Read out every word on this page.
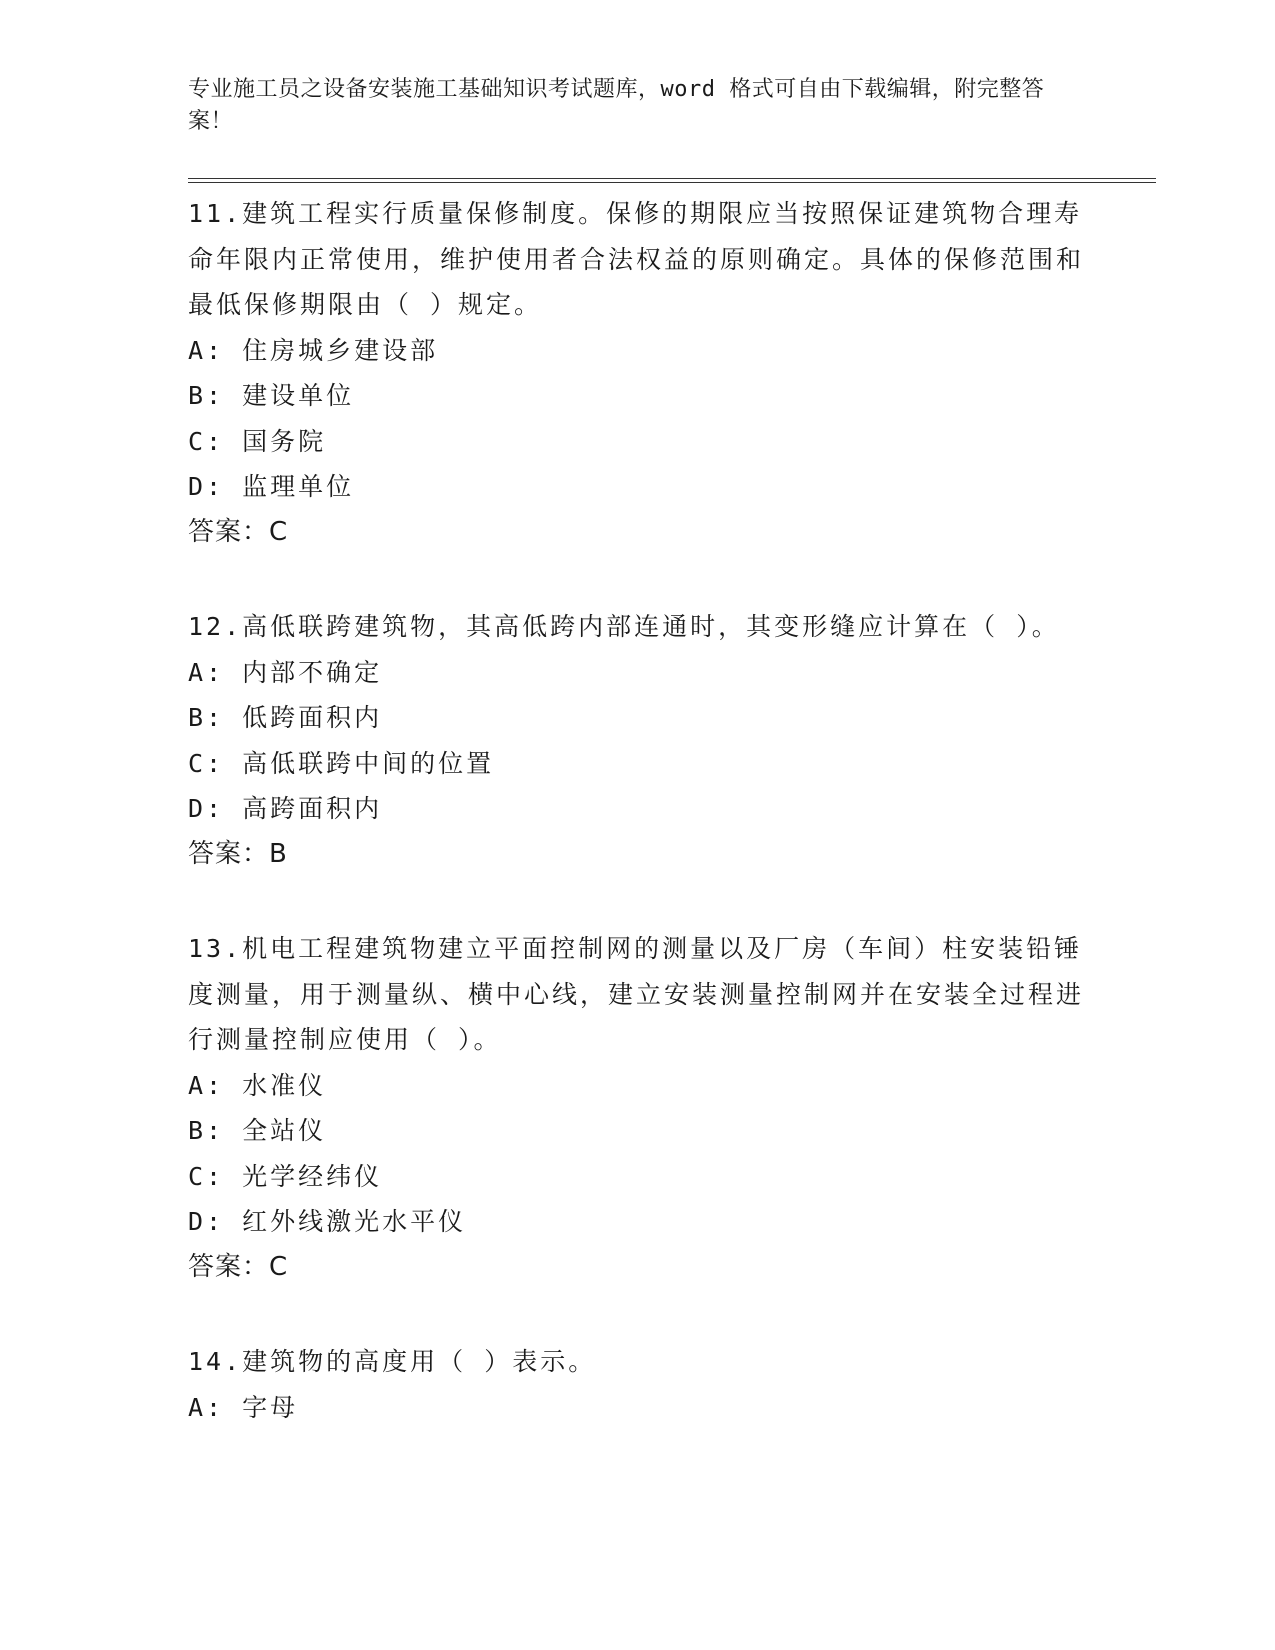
专业施工员之设备安装施工基础知识考试题库，word 格式可自由下载编辑，附完整答案！

11.建筑工程实行质量保修制度。保修的期限应当按照保证建筑物合理寿命年限内正常使用，维护使用者合法权益的原则确定。具体的保修范围和最低保修期限由（ ）规定。

A: 住房城乡建设部

B: 建设单位

C: 国务院

D: 监理单位

答案：C

12.高低联跨建筑物，其高低跨内部连通时，其变形缝应计算在（ ）。

A: 内部不确定

B: 低跨面积内

C: 高低联跨中间的位置

D: 高跨面积内

答案：B

13.机电工程建筑物建立平面控制网的测量以及厂房（车间）柱安装铅锤度测量，用于测量纵、横中心线，建立安装测量控制网并在安装全过程进行测量控制应使用（ ）。

A: 水准仪

B: 全站仪

C: 光学经纬仪

D: 红外线激光水平仪

答案：C

14.建筑物的高度用（ ）表示。

A: 字母
